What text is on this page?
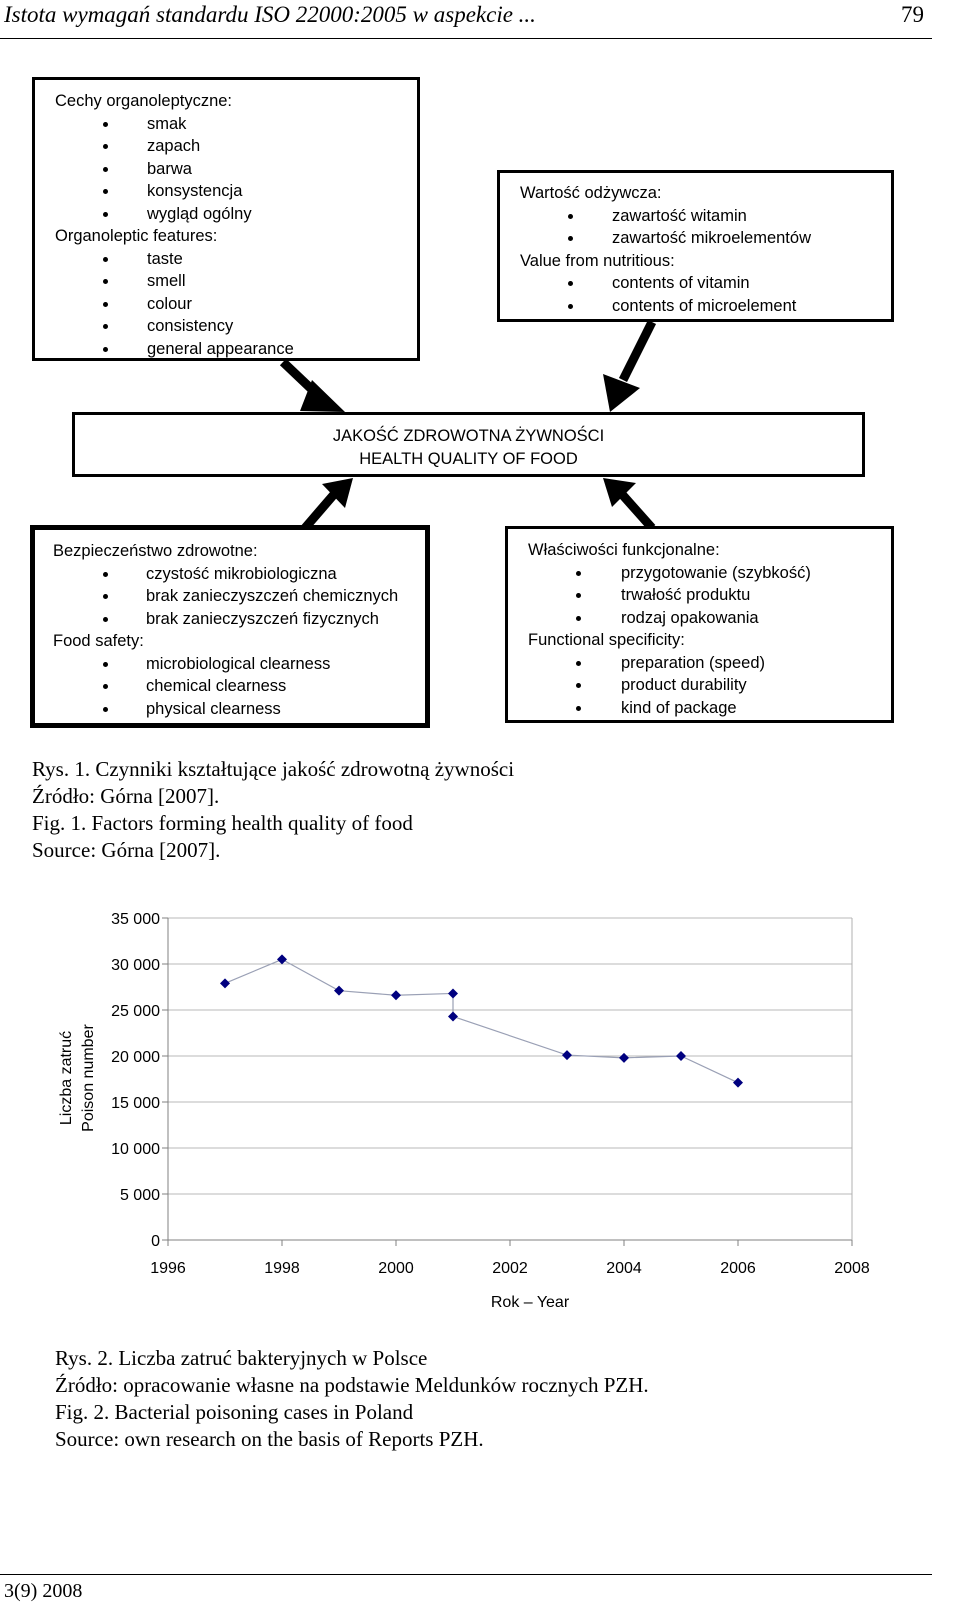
Istota wymagań standardu ISO 22000:2005 w aspekcie ...	79
Cechy organoleptyczne:
smak
zapach
barwa
konsystencja
wygląd ogólny
Organoleptic features:
taste
smell
colour
consistency
general appearance
Wartość odżywcza:
zawartość witamin
zawartość mikroelementów
Value from nutritious:
contents of vitamin
contents of microelement
JAKOŚĆ ZDROWOTNA ŻYWNOŚCI
HEALTH QUALITY OF FOOD
Bezpieczeństwo zdrowotne:
czystość mikrobiologiczna
brak zanieczyszczeń chemicznych
brak zanieczyszczeń fizycznych
Food safety:
microbiological clearness
chemical clearness
physical clearness
Właściwości funkcjonalne:
przygotowanie (szybkość)
trwałość produktu
rodzaj opakowania
Functional specificity:
preparation (speed)
product durability
kind of package
Rys. 1. Czynniki kształtujące jakość zdrowotną żywności
Źródło: Górna [2007].
Fig. 1. Factors forming health quality of food
Source: Górna [2007].
0
5 000
10 000
15 000
20 000
25 000
30 000
35 000
1996	1998	2000	2002	2004	2006	2008
Liczba zatruć Poison number
Rok – Year
Rys. 2. Liczba zatruć bakteryjnych w Polsce
Źródło: opracowanie własne na podstawie Meldunków rocznych PZH.
Fig. 2. Bacterial poisoning cases in Poland
Source: own research on the basis of Reports PZH.
3(9) 2008
